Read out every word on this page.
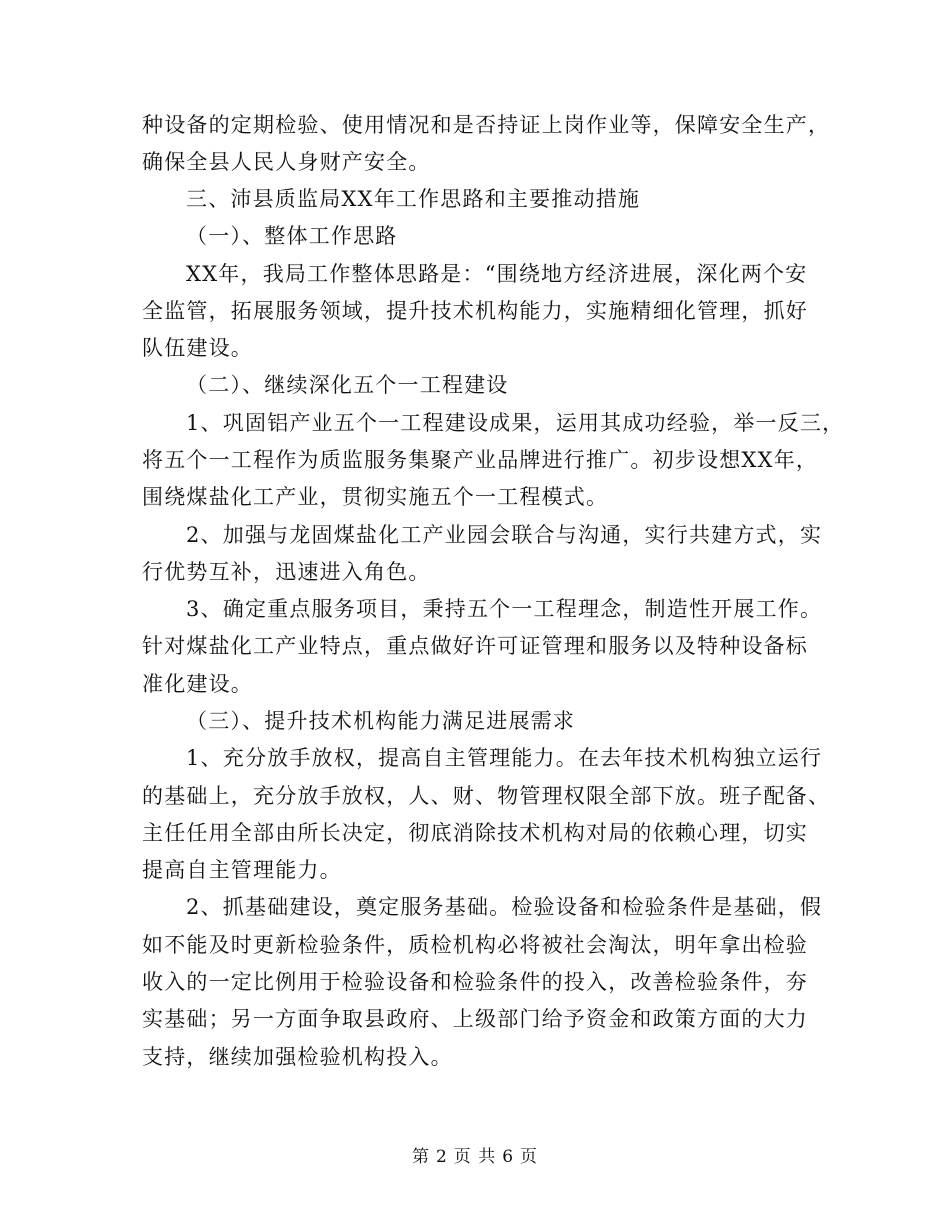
种设备的定期检验、使用情况和是否持证上岗作业等，保障安全生产，
确保全县人民人身财产安全。
三、沛县质监局XX年工作思路和主要推动措施
（一）、整体工作思路
XX年，我局工作整体思路是：“围绕地方经济进展，深化两个安
全监管，拓展服务领域，提升技术机构能力，实施精细化管理，抓好
队伍建设。
（二）、继续深化五个一工程建设
1、巩固铝产业五个一工程建设成果，运用其成功经验，举一反三，
将五个一工程作为质监服务集聚产业品牌进行推广。初步设想XX年，
围绕煤盐化工产业，贯彻实施五个一工程模式。
2、加强与龙固煤盐化工产业园会联合与沟通，实行共建方式，实
行优势互补，迅速进入角色。
3、确定重点服务项目，秉持五个一工程理念，制造性开展工作。
针对煤盐化工产业特点，重点做好许可证管理和服务以及特种设备标
准化建设。
（三）、提升技术机构能力满足进展需求
1、充分放手放权，提高自主管理能力。在去年技术机构独立运行
的基础上，充分放手放权，人、财、物管理权限全部下放。班子配备、
主任任用全部由所长决定，彻底消除技术机构对局的依赖心理，切实
提高自主管理能力。
2、抓基础建设，奠定服务基础。检验设备和检验条件是基础，假
如不能及时更新检验条件，质检机构必将被社会淘汰，明年拿出检验
收入的一定比例用于检验设备和检验条件的投入，改善检验条件，夯
实基础；另一方面争取县政府、上级部门给予资金和政策方面的大力
支持，继续加强检验机构投入。
第 2 页 共 6 页
